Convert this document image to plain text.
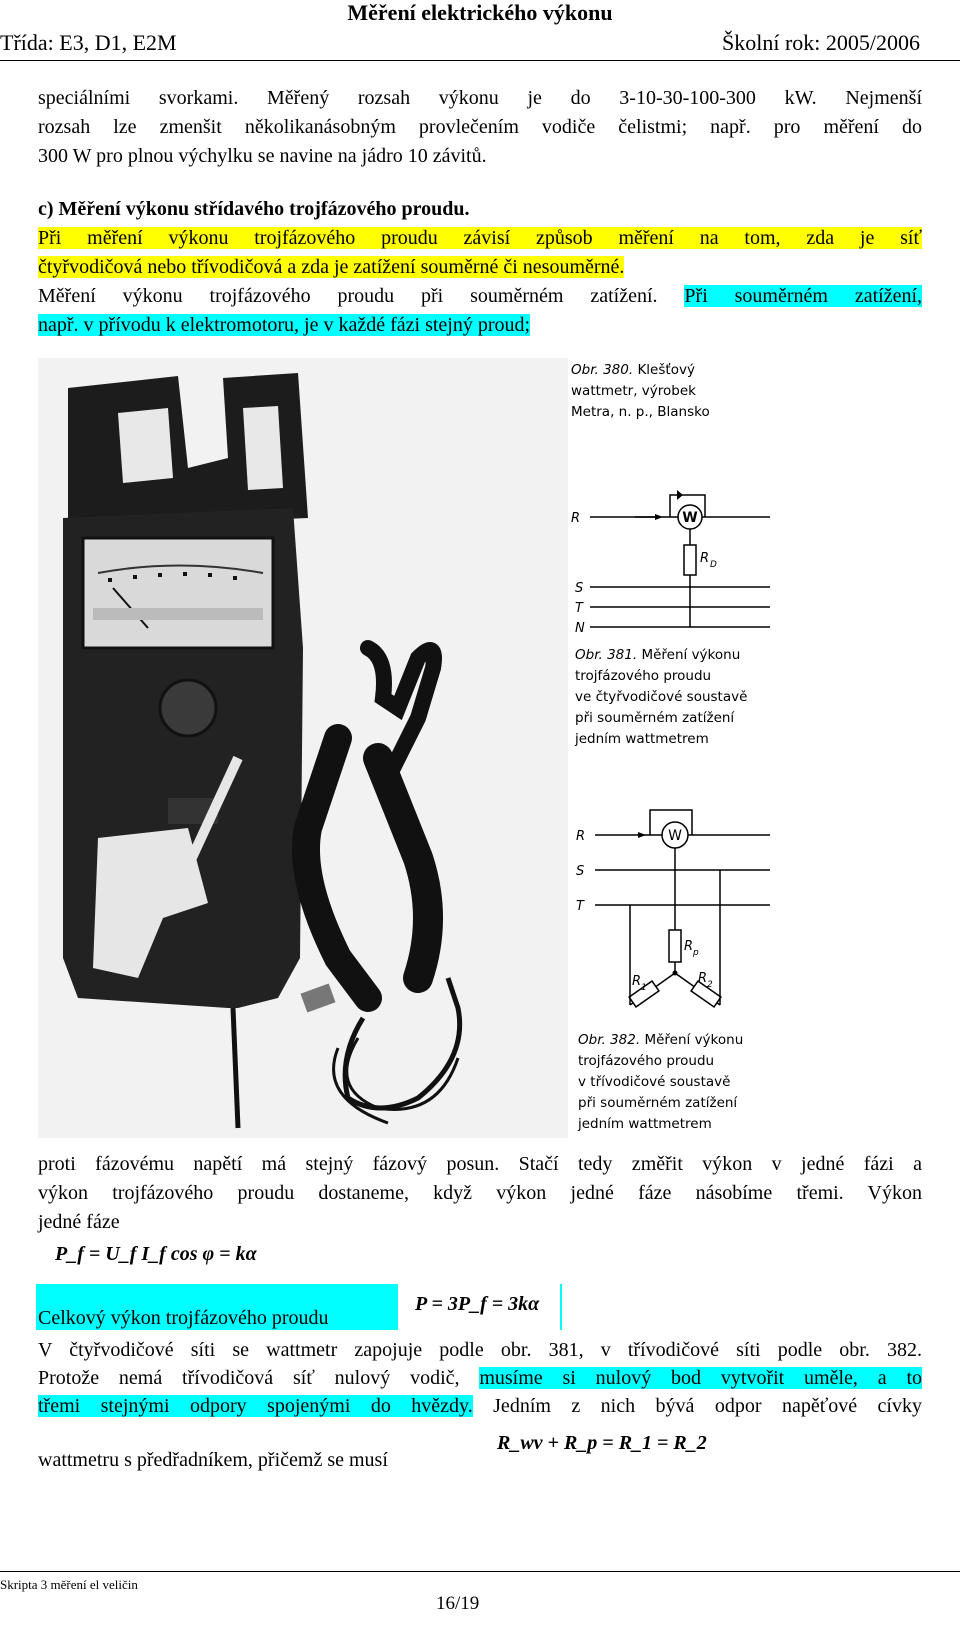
Měření elektrického výkonu
Třída: E3, D1, E2M	Školní rok: 2005/2006
speciálními svorkami. Měřený rozsah výkonu je do 3-10-30-100-300 kW. Nejmenší
rozsah lze zmenšit několikanásobným provlečením vodiče čelistmi; např. pro měření do
300 W pro plnou výchylku se navine na jádro 10 závitů.
c) Měření výkonu střídavého trojfázového proudu.
Při měření výkonu trojfázového proudu závisí způsob měření na tom, zda je síť
čtyřvodičová nebo třívodičová a zda je zatížení souměrné či nesouměrné.
Měření výkonu trojfázového proudu při souměrném zatížení. Při souměrném zatížení,
např. v přívodu k elektromotoru, je v každé fázi stejný proud;
Obr. 380. Klešťový
wattmetr, výrobek
Metra, n. p., Blansko
W
R
S
T
N
R D
Obr. 381. Měření výkonu
trojfázového proudu
ve čtyřvodičové soustavě
při souměrném zatížení
jedním wattmetrem
W
R
S
T
R p
R 1
R 2
Obr. 382. Měření výkonu
trojfázového proudu
v třívodičové soustavě
při souměrném zatížení
jedním wattmetrem
proti fázovému napětí má stejný fázový posun. Stačí tedy změřit výkon v jedné fázi a
výkon trojfázového proudu dostaneme, když výkon jedné fáze násobíme třemi. Výkon
jedné fáze
P_f = U_f I_f cos φ = kα
Celkový výkon trojfázového proudu
P = 3P_f = 3kα
V čtyřvodičové síti se wattmetr zapojuje podle obr. 381, v třívodičové síti podle obr. 382.
Protože nemá třívodičová síť nulový vodič, musíme si nulový bod vytvořit uměle, a to
třemi stejnými odpory spojenými do hvězdy. Jedním z nich bývá odpor napěťové cívky
wattmetru s předřadníkem, přičemž se musí
R_wv + R_p = R_1 = R_2
Skripta 3 měření el veličin
16/19
